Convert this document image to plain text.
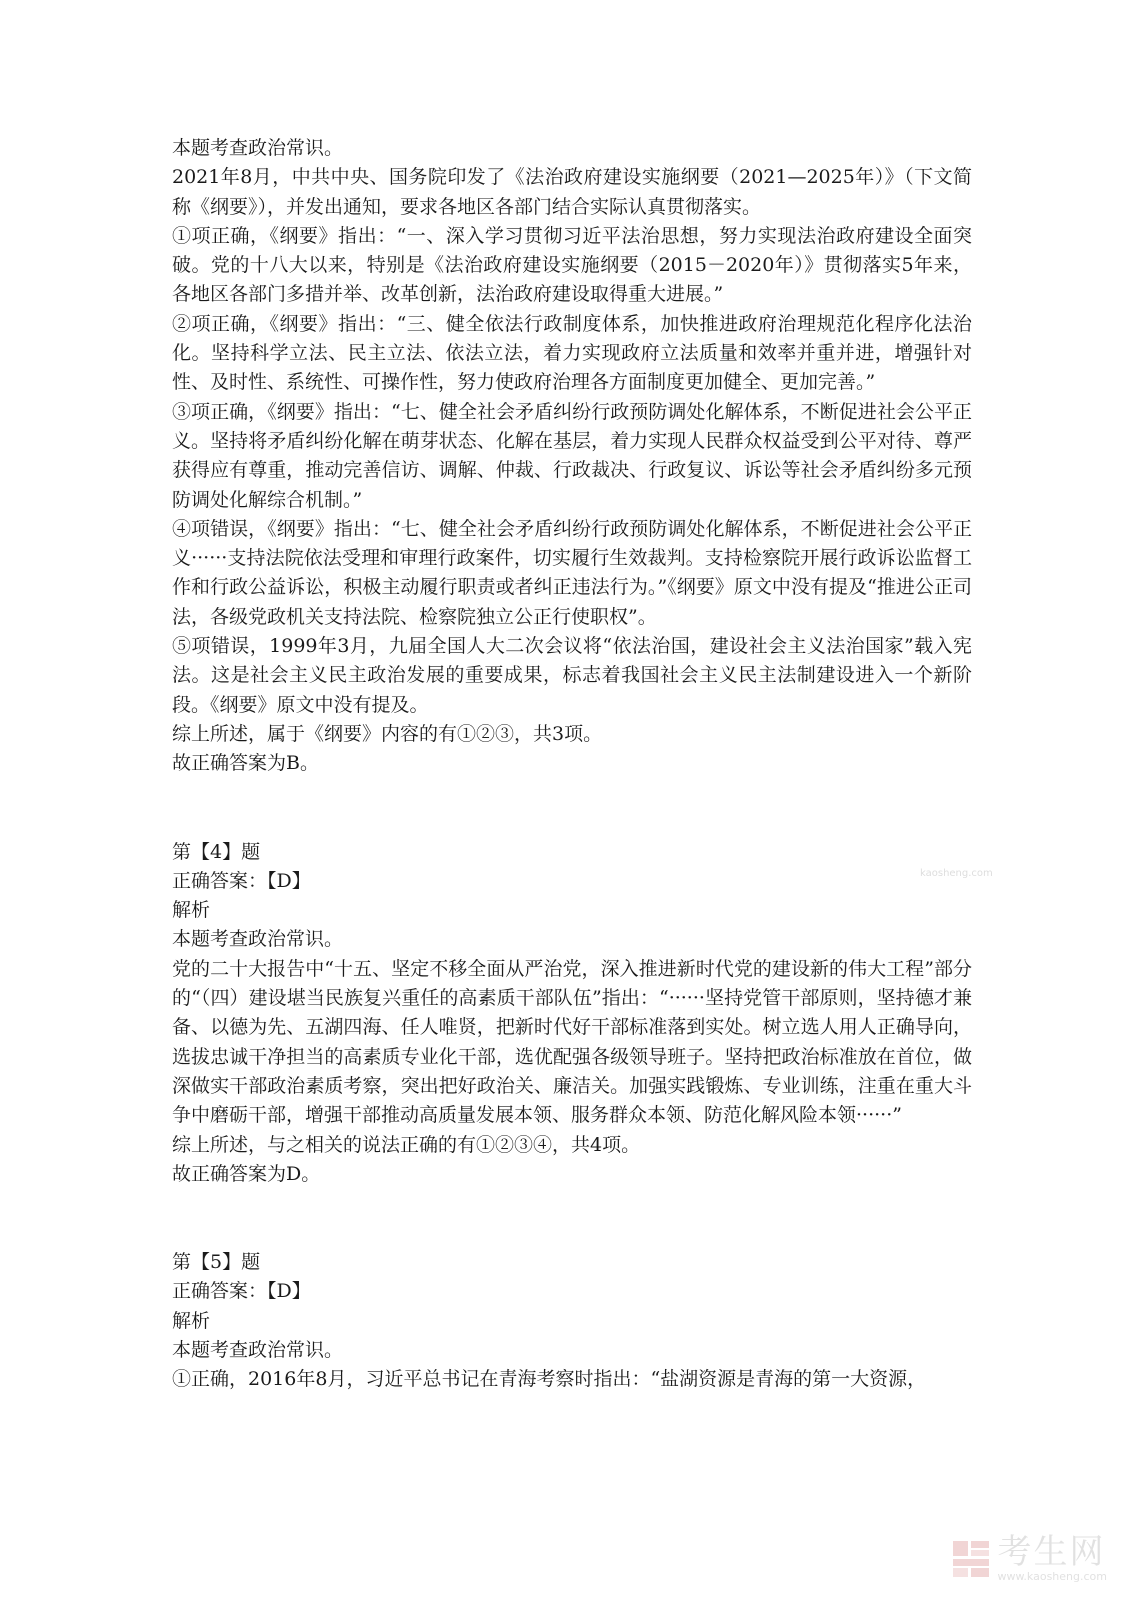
本题考查政治常识。

2021年8月，中共中央、国务院印发了《法治政府建设实施纲要（2021—2025年）》（下文简称《纲要》），并发出通知，要求各地区各部门结合实际认真贯彻落实。

①项正确，《纲要》指出：“一、深入学习贯彻习近平法治思想，努力实现法治政府建设全面突破。党的十八大以来，特别是《法治政府建设实施纲要（2015－2020年）》贯彻落实5年来，各地区各部门多措并举、改革创新，法治政府建设取得重大进展。”

②项正确，《纲要》指出：“三、健全依法行政制度体系，加快推进政府治理规范化程序化法治化。坚持科学立法、民主立法、依法立法，着力实现政府立法质量和效率并重并进，增强针对性、及时性、系统性、可操作性，努力使政府治理各方面制度更加健全、更加完善。”

③项正确，《纲要》指出：“七、健全社会矛盾纠纷行政预防调处化解体系，不断促进社会公平正义。坚持将矛盾纠纷化解在萌芽状态、化解在基层，着力实现人民群众权益受到公平对待、尊严获得应有尊重，推动完善信访、调解、仲裁、行政裁决、行政复议、诉讼等社会矛盾纠纷多元预防调处化解综合机制。”

④项错误，《纲要》指出：“七、健全社会矛盾纠纷行政预防调处化解体系，不断促进社会公平正义······支持法院依法受理和审理行政案件，切实履行生效裁判。支持检察院开展行政诉讼监督工作和行政公益诉讼，积极主动履行职责或者纠正违法行为。”《纲要》原文中没有提及“推进公正司法，各级党政机关支持法院、检察院独立公正行使职权”。

⑤项错误，1999年3月，九届全国人大二次会议将“依法治国，建设社会主义法治国家”载入宪法。这是社会主义民主政治发展的重要成果，标志着我国社会主义民主法制建设进入一个新阶段。《纲要》原文中没有提及。

综上所述，属于《纲要》内容的有①②③，共3项。

故正确答案为B。

第【4】题

正确答案：【D】

解析

本题考查政治常识。

党的二十大报告中“十五、坚定不移全面从严治党，深入推进新时代党的建设新的伟大工程”部分的“（四）建设堪当民族复兴重任的高素质干部队伍”指出：“······坚持党管干部原则，坚持德才兼备、以德为先、五湖四海、任人唯贤，把新时代好干部标准落到实处。树立选人用人正确导向，选拔忠诚干净担当的高素质专业化干部，选优配强各级领导班子。坚持把政治标准放在首位，做深做实干部政治素质考察，突出把好政治关、廉洁关。加强实践锻炼、专业训练，注重在重大斗争中磨砺干部，增强干部推动高质量发展本领、服务群众本领、防范化解风险本领······”

综上所述，与之相关的说法正确的有①②③④，共4项。

故正确答案为D。

第【5】题

正确答案：【D】

解析

本题考查政治常识。

①正确，2016年8月，习近平总书记在青海考察时指出：“盐湖资源是青海的第一大资源，

kaosheng.com
考生网
www.kaosheng.com
